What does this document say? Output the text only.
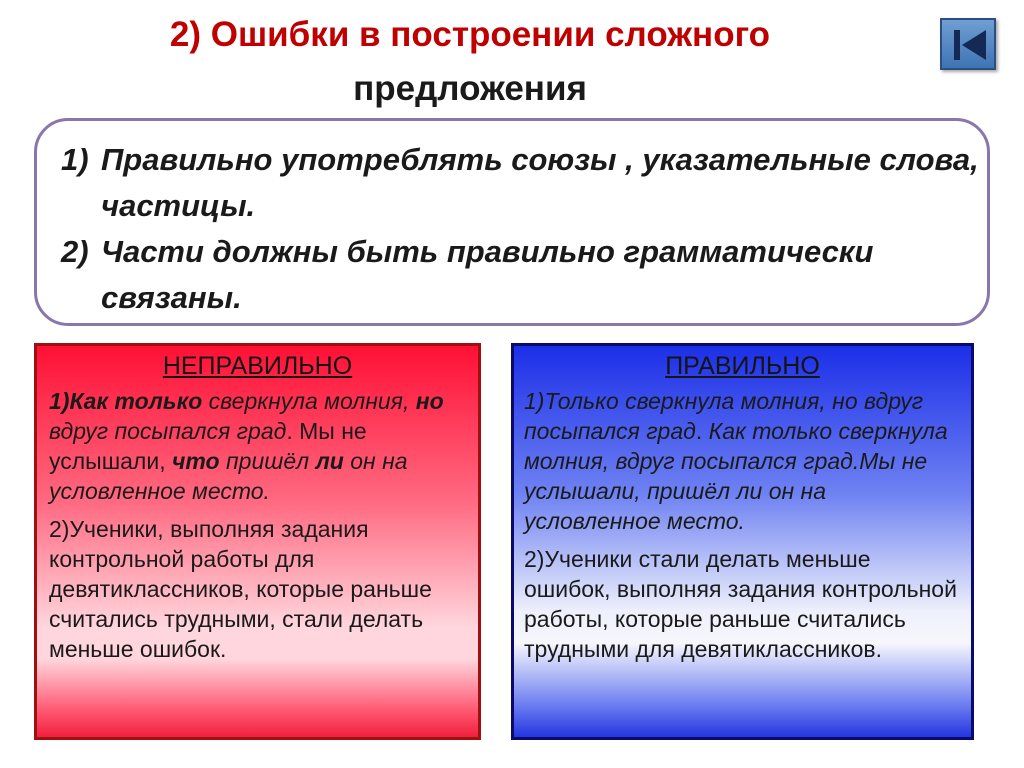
2) Ошибки в построении сложного
предложения
1) Правильно употреблять союзы , указательные слова, частицы.
2) Части должны быть правильно грамматически связаны.
НЕПРАВИЛЬНО

1)Как только сверкнула молния, но вдруг посыпался град. Мы не услышали, что пришёл ли он на условленное место.

2)Ученики, выполняя задания контрольной работы для девятиклассников, которые раньше считались трудными, стали делать меньше ошибок.

ПРАВИЛЬНО

1)Только сверкнула молния, но вдруг посыпался град. Как только сверкнула молния, вдруг посыпался град.Мы не услышали, пришёл ли он на условленное место.

2)Ученики стали делать меньше ошибок, выполняя задания контрольной работы, которые раньше считались трудными для девятиклассников.
